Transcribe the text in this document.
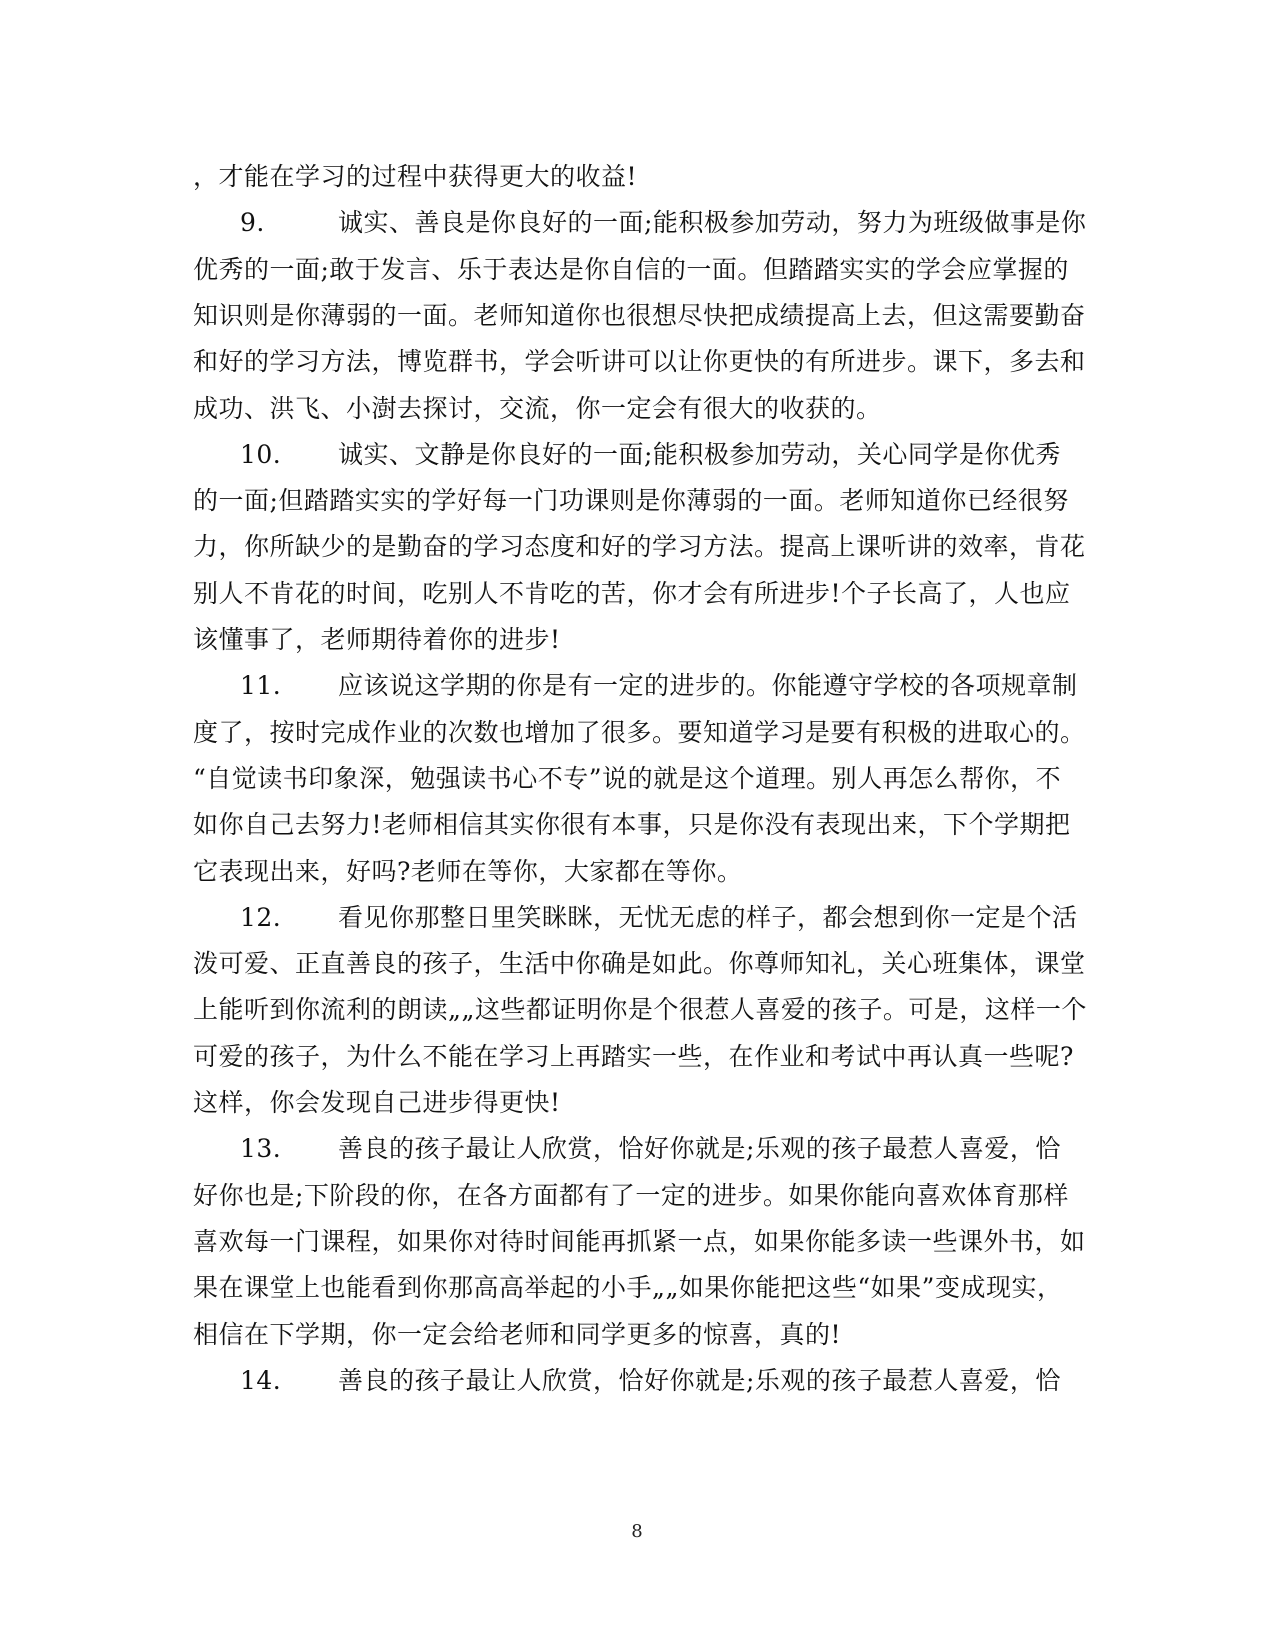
，才能在学习的过程中获得更大的收益!
9.	诚实、善良是你良好的一面;能积极参加劳动，努力为班级做事是你
优秀的一面;敢于发言、乐于表达是你自信的一面。但踏踏实实的学会应掌握的
知识则是你薄弱的一面。老师知道你也很想尽快把成绩提高上去，但这需要勤奋
和好的学习方法，博览群书，学会听讲可以让你更快的有所进步。课下，多去和
成功、洪飞、小澍去探讨，交流，你一定会有很大的收获的。
10. 诚实、文静是你良好的一面;能积极参加劳动，关心同学是你优秀
的一面;但踏踏实实的学好每一门功课则是你薄弱的一面。老师知道你已经很努
力，你所缺少的是勤奋的学习态度和好的学习方法。提高上课听讲的效率，肯花
别人不肯花的时间，吃别人不肯吃的苦，你才会有所进步!个子长高了，人也应
该懂事了，老师期待着你的进步!
11. 应该说这学期的你是有一定的进步的。你能遵守学校的各项规章制
度了，按时完成作业的次数也增加了很多。要知道学习是要有积极的进取心的。
“自觉读书印象深，勉强读书心不专”说的就是这个道理。别人再怎么帮你，不
如你自己去努力!老师相信其实你很有本事，只是你没有表现出来，下个学期把
它表现出来，好吗?老师在等你，大家都在等你。
12. 看见你那整日里笑眯眯，无忧无虑的样子，都会想到你一定是个活
泼可爱、正直善良的孩子，生活中你确是如此。你尊师知礼，关心班集体，课堂
上能听到你流利的朗读„„这些都证明你是个很惹人喜爱的孩子。可是，这样一个
可爱的孩子，为什么不能在学习上再踏实一些，在作业和考试中再认真一些呢?
这样，你会发现自己进步得更快!
13. 善良的孩子最让人欣赏，恰好你就是;乐观的孩子最惹人喜爱，恰
好你也是;下阶段的你，在各方面都有了一定的进步。如果你能向喜欢体育那样
喜欢每一门课程，如果你对待时间能再抓紧一点，如果你能多读一些课外书，如
果在课堂上也能看到你那高高举起的小手„„如果你能把这些“如果”变成现实，
相信在下学期，你一定会给老师和同学更多的惊喜，真的!
14. 善良的孩子最让人欣赏，恰好你就是;乐观的孩子最惹人喜爱，恰
8
